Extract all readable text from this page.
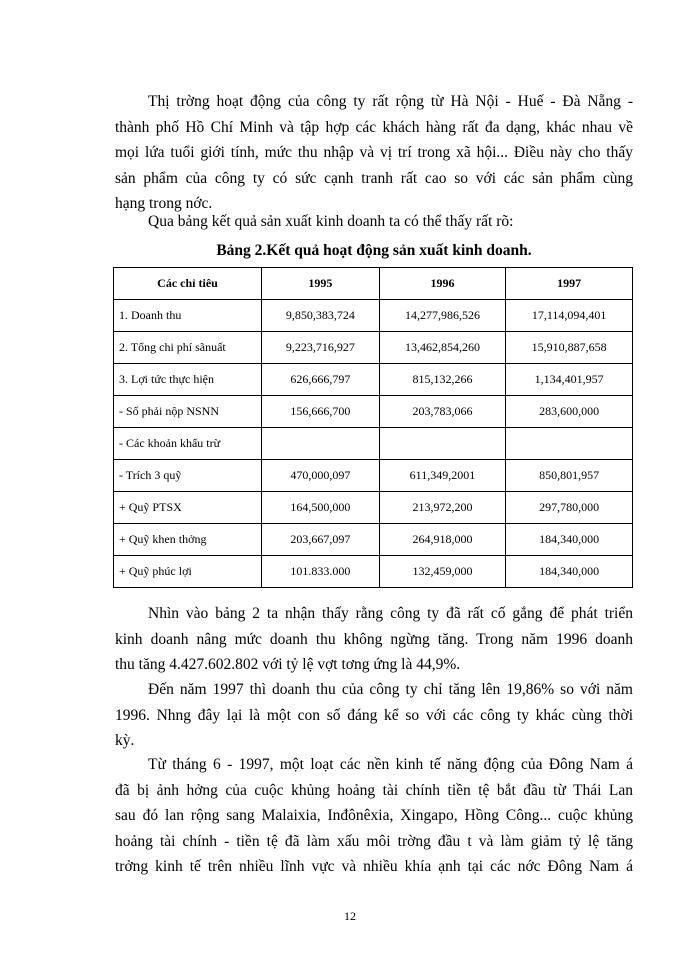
Thị trờng hoạt động của công ty rất rộng từ Hà Nội - Huế - Đà Nẵng -
thành phố Hồ Chí Minh và tập hợp các khách hàng rất đa dạng, khác nhau về
mọi lứa tuổi giới tính, mức thu nhập và vị trí trong xã hội... Điều này cho thấy
sản phẩm của công ty có sức cạnh tranh rất cao so với các sản phẩm cùng
hạng trong nớc.
Qua bảng kết quả sản xuất kinh doanh ta có thể thấy rất rõ:
Bảng 2.Kết quả hoạt động sản xuất kinh doanh.
Các chỉ tiêu	1995	1996	1997
1. Doanh thu	9,850,383,724	14,277,986,526	17,114,094,401
2. Tổng chi phí sãnuất	9,223,716,927	13,462,854,260	15,910,887,658
3. Lợi tức thực hiện	626,666,797	815,132,266	1,134,401,957
- Số phải nộp NSNN	156,666,700	203,783,066	283,600,000
- Các khoản khấu trừ			
- Trích 3 quỹ	470,000,097	611,349,2001	850,801,957
+ Quỹ PTSX	164,500,000	213,972,200	297,780,000
+ Quỹ khen thởng	203,667,097	264,918,000	184,340,000
+ Quỹ phúc lợi	101.833.000	132,459,000	184,340,000
Nhìn vào bảng 2 ta nhận thấy rằng công ty đã rất cố gắng để phát triển
kinh doanh nâng mức doanh thu không ngừng tăng. Trong năm 1996 doanh
thu tăng 4.427.602.802 với tỷ lệ vợt tơng ứng là 44,9%.
Đến năm 1997 thì doanh thu của công ty chỉ tăng lên 19,86% so với năm
1996. Nhng đây lại là một con số đáng kể so với các công ty khác cùng thời
kỳ.
Từ tháng 6 - 1997, một loạt các nền kinh tế năng động của Đông Nam á
đã bị ảnh hởng của cuộc khủng hoảng tài chính tiền tệ bắt đầu từ Thái Lan
sau đó lan rộng sang Malaixia, Inđônêxia, Xingapo, Hồng Công... cuộc khủng
hoảng tài chính - tiền tệ đã làm xấu môi trờng đầu t và làm giảm tỷ lệ tăng
trởng kinh tế trên nhiều lĩnh vực và nhiều khía ạnh tại các nớc Đông Nam á
12
